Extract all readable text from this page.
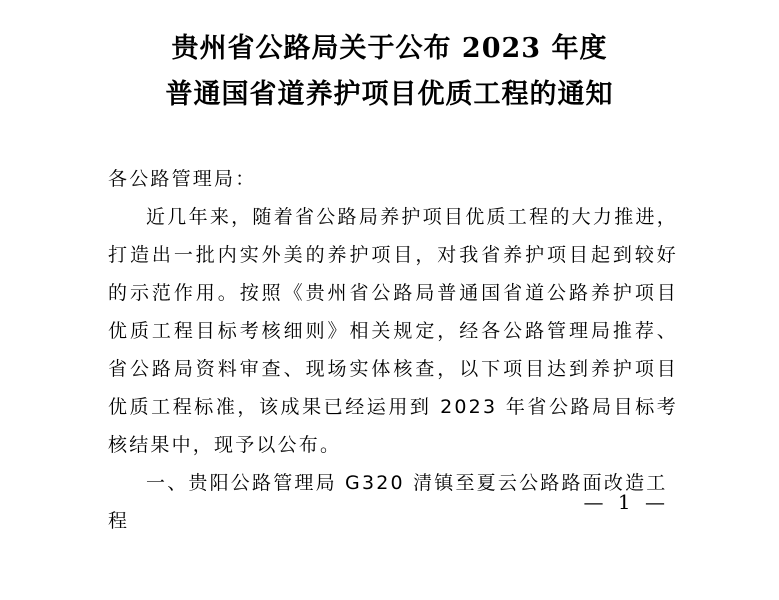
贵州省公路局关于公布 2023 年度
普通国省道养护项目优质工程的通知

各公路管理局：

近几年来，随着省公路局养护项目优质工程的大力推进，打造出一批内实外美的养护项目，对我省养护项目起到较好的示范作用。按照《贵州省公路局普通国省道公路养护项目优质工程目标考核细则》相关规定，经各公路管理局推荐、省公路局资料审查、现场实体核查，以下项目达到养护项目优质工程标准，该成果已经运用到 2023 年省公路局目标考核结果中，现予以公布。

一、贵阳公路管理局 G320 清镇至夏云公路路面改造工程

— 1 —
